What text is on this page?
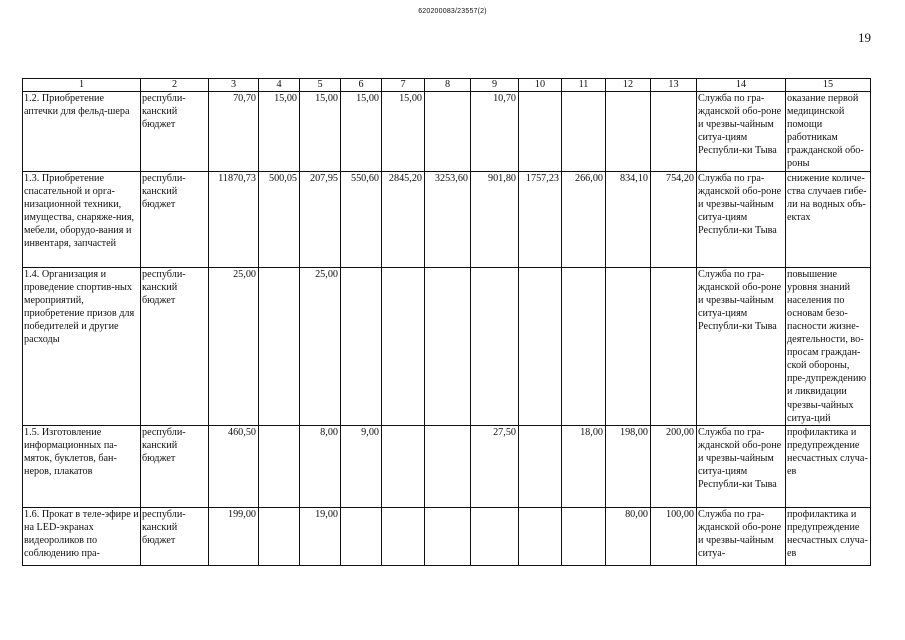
620200083/23557(2)
19
1	2	3	4	5	6	7	8	9	10	11	12	13	14	15
1.2. Приобретение аптечки для фельд-шера	республи-канский бюджет	70,70	15,00	15,00	15,00	15,00		10,70					Служба по гра-жданской обо-роне и чрезвы-чайным ситуа-циям Республи-ки Тыва	оказание первой медицинской помощи работникам гражданской обо-роны
1.3. Приобретение спасательной и орга-низационной техники, имущества, снаряже-ния, мебели, оборудо-вания и инвентаря, запчастей	республи-канский бюджет	11870,73	500,05	207,95	550,60	2845,20	3253,60	901,80	1757,23	266,00	834,10	754,20	Служба по гра-жданской обо-роне и чрезвы-чайным ситуа-циям Республи-ки Тыва	снижение количе-ства случаев гибе-ли на водных объ-ектах
1.4. Организация и проведение спортив-ных мероприятий, приобретение призов для победителей и другие расходы	республи-канский бюджет	25,00		25,00									Служба по гра-жданской обо-роне и чрезвы-чайным ситуа-циям Республи-ки Тыва	повышение уровня знаний населения по основам безо-пасности жизне-деятельности, во-просам граждан-ской обороны, пре-дупреждению и ликвидации чрезвы-чайных ситуа-ций
1.5. Изготовление информационных па-мяток, буклетов, бан-неров, плакатов	республи-канский бюджет	460,50		8,00	9,00			27,50		18,00	198,00	200,00	Служба по гра-жданской обо-роне и чрезвы-чайным ситуа-циям Республи-ки Тыва	профилактика и предупреждение несчастных случа-ев
1.6. Прокат в теле-эфире и на LED-экранах видеороликов по соблюдению пра-	республи-канский бюджет	199,00		19,00							80,00	100,00	Служба по гра-жданской обо-роне и чрезвы-чайным ситуа-	профилактика и предупреждение несчастных случа-ев
